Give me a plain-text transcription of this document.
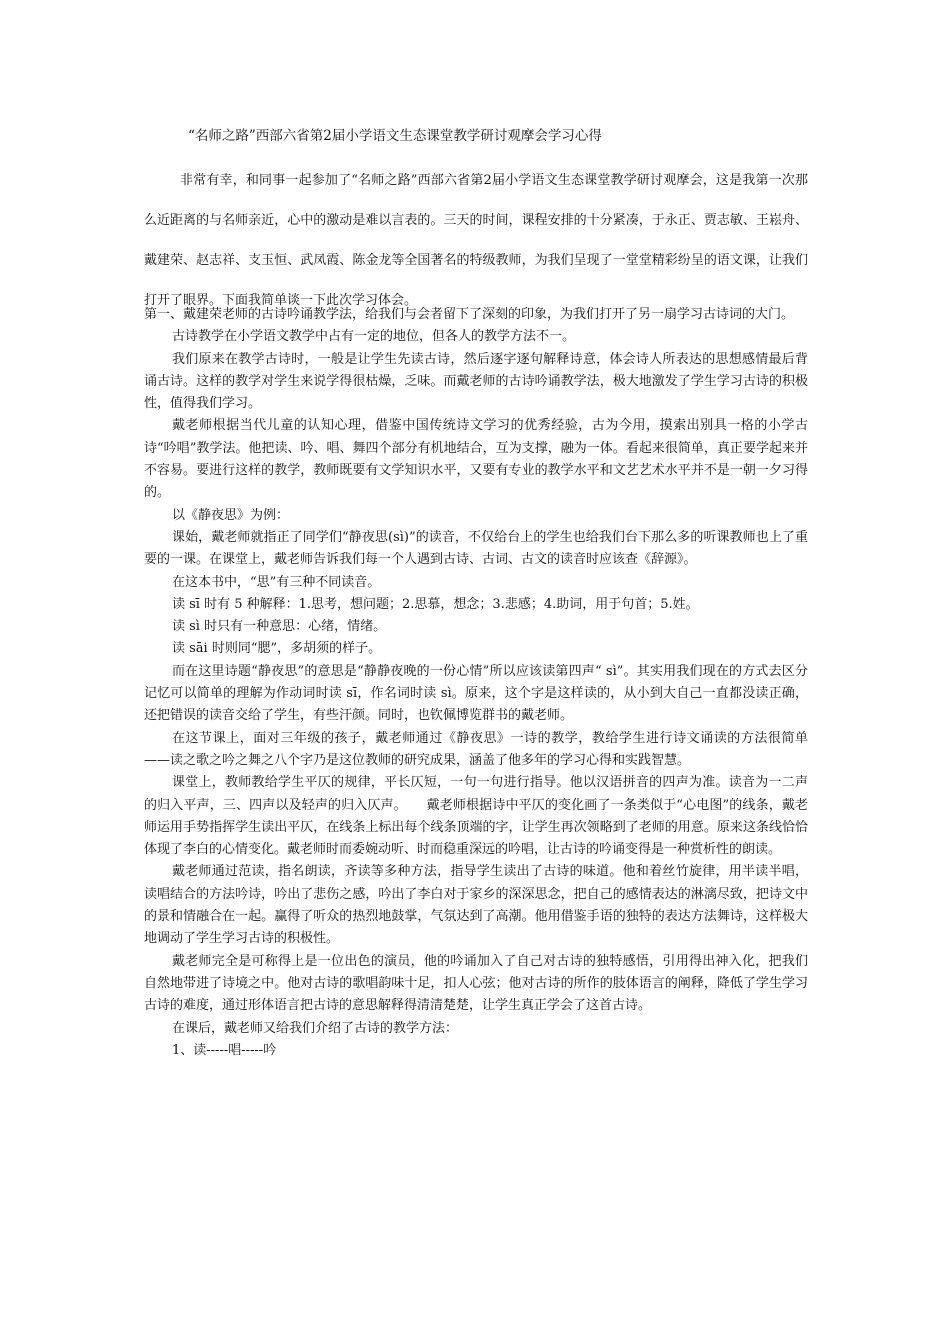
“名师之路”西部六省第2届小学语文生态课堂教学研讨观摩会学习心得

非常有幸，和同事一起参加了“名师之路”西部六省第2届小学语文生态课堂教学研讨观摩会，这是我第一次那么近距离的与名师亲近，心中的激动是难以言表的。三天的时间，课程安排的十分紧凑，于永正、贾志敏、王崧舟、戴建荣、赵志祥、支玉恒、武凤霞、陈金龙等全国著名的特级教师，为我们呈现了一堂堂精彩纷呈的语文课，让我们打开了眼界。下面我简单谈一下此次学习体会。

第一、戴建荣老师的古诗吟诵教学法，给我们与会者留下了深刻的印象，为我们打开了另一扇学习古诗词的大门。

古诗教学在小学语文教学中占有一定的地位，但各人的教学方法不一。

我们原来在教学古诗时，一般是让学生先读古诗，然后逐字逐句解释诗意，体会诗人所表达的思想感情最后背诵古诗。这样的教学对学生来说学得很枯燥，乏味。而戴老师的古诗吟诵教学法，极大地激发了学生学习古诗的积极性，值得我们学习。

戴老师根据当代儿童的认知心理，借鉴中国传统诗文学习的优秀经验，古为今用，摸索出别具一格的小学古诗“吟唱”教学法。他把读、吟、唱、舞四个部分有机地结合，互为支撑，融为一体。看起来很简单，真正要学起来并不容易。要进行这样的教学，教师既要有文学知识水平，又要有专业的教学水平和文艺艺术水平并不是一朝一夕习得的。

以《静夜思》为例：

课始，戴老师就指正了同学们“静夜思(sì)”的读音，不仅给台上的学生也给我们台下那么多的听课教师也上了重要的一课。在课堂上，戴老师告诉我们每一个人遇到古诗、古词、古文的读音时应该查《辞源》。

在这本书中，“思”有三种不同读音。

读 sī 时有 5 种解释：1.思考，想问题；2.思慕，想念；3.悲感；4.助词，用于句首；5.姓。

读 sì 时只有一种意思：心绪，情绪。

读 sāi 时则同“腮”，多胡须的样子。

而在这里诗题“静夜思”的意思是“静静夜晚的一份心情”所以应该读第四声“ sì”。其实用我们现在的方式去区分记忆可以简单的理解为作动词时读 sī，作名词时读 sì。原来，这个字是这样读的，从小到大自己一直都没读正确，还把错误的读音交给了学生，有些汗颜。同时，也钦佩博览群书的戴老师。

在这节课上，面对三年级的孩子，戴老师通过《静夜思》一诗的教学，教给学生进行诗文诵读的方法很简单——读之歌之吟之舞之八个字乃是这位教师的研究成果，涵盖了他多年的学习心得和实践智慧。

课堂上，教师教给学生平仄的规律，平长仄短，一句一句进行指导。他以汉语拼音的四声为准。读音为一二声的归入平声，三、四声以及轻声的归入仄声。　　戴老师根据诗中平仄的变化画了一条类似于“心电图”的线条，戴老师运用手势指挥学生读出平仄，在线条上标出每个线条顶端的字，让学生再次领略到了老师的用意。原来这条线恰恰体现了李白的心情变化。戴老师时而委婉动听、时而稳重深远的吟唱，让古诗的吟诵变得是一种赏析性的朗读。

戴老师通过范读，指名朗读，齐读等多种方法，指导学生读出了古诗的味道。他和着丝竹旋律，用半读半唱，读唱结合的方法吟诗，吟出了悲伤之感，吟出了李白对于家乡的深深思念，把自己的感情表达的淋漓尽致，把诗文中的景和情融合在一起。赢得了听众的热烈地鼓掌，气氛达到了高潮。他用借鉴手语的独特的表达方法舞诗，这样极大地调动了学生学习古诗的积极性。

戴老师完全是可称得上是一位出色的演员，他的吟诵加入了自己对古诗的独特感悟，引用得出神入化，把我们自然地带进了诗境之中。他对古诗的歌唱韵味十足，扣人心弦；他对古诗的所作的肢体语言的阐释，降低了学生学习古诗的难度，通过形体语言把古诗的意思解释得清清楚楚，让学生真正学会了这首古诗。

在课后，戴老师又给我们介绍了古诗的教学方法：

1、读-----唱-----吟
